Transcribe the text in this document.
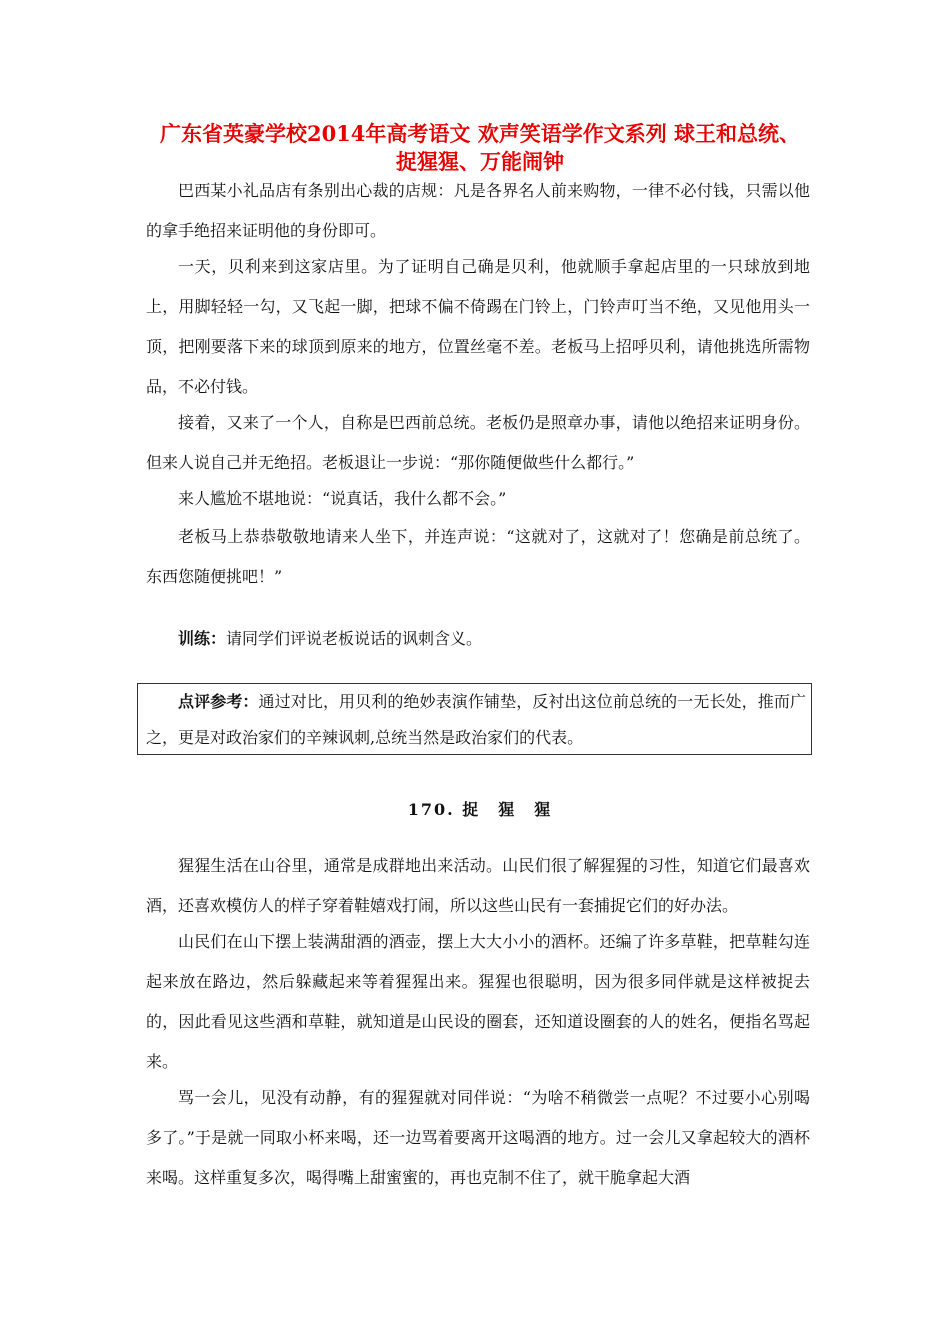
广东省英豪学校2014年高考语文 欢声笑语学作文系列 球王和总统、
捉猩猩、万能闹钟

巴西某小礼品店有条别出心裁的店规：凡是各界名人前来购物，一律不必付钱，只需以他的拿手绝招来证明他的身份即可。

一天，贝利来到这家店里。为了证明自己确是贝利，他就顺手拿起店里的一只球放到地上，用脚轻轻一勾，又飞起一脚，把球不偏不倚踢在门铃上，门铃声叮当不绝，又见他用头一顶，把刚要落下来的球顶到原来的地方，位置丝毫不差。老板马上招呼贝利，请他挑选所需物品，不必付钱。

接着，又来了一个人，自称是巴西前总统。老板仍是照章办事，请他以绝招来证明身份。但来人说自己并无绝招。老板退让一步说：“那你随便做些什么都行。”

来人尴尬不堪地说：“说真话，我什么都不会。”

老板马上恭恭敬敬地请来人坐下，并连声说：“这就对了，这就对了！您确是前总统了。东西您随便挑吧！”

训练：请同学们评说老板说话的讽刺含义。

点评参考：通过对比，用贝利的绝妙表演作铺垫，反衬出这位前总统的一无长处，推而广之，更是对政治家们的辛辣讽刺,总统当然是政治家们的代表。

170. 捉　猩　猩

猩猩生活在山谷里，通常是成群地出来活动。山民们很了解猩猩的习性，知道它们最喜欢酒，还喜欢模仿人的样子穿着鞋嬉戏打闹，所以这些山民有一套捕捉它们的好办法。

山民们在山下摆上装满甜酒的酒壶，摆上大大小小的酒杯。还编了许多草鞋，把草鞋勾连起来放在路边，然后躲藏起来等着猩猩出来。猩猩也很聪明，因为很多同伴就是这样被捉去的，因此看见这些酒和草鞋，就知道是山民设的圈套，还知道设圈套的人的姓名，便指名骂起来。

骂一会儿，见没有动静，有的猩猩就对同伴说：“为啥不稍微尝一点呢？不过要小心别喝多了。”于是就一同取小杯来喝，还一边骂着要离开这喝酒的地方。过一会儿又拿起较大的酒杯来喝。这样重复多次，喝得嘴上甜蜜蜜的，再也克制不住了，就干脆拿起大酒
